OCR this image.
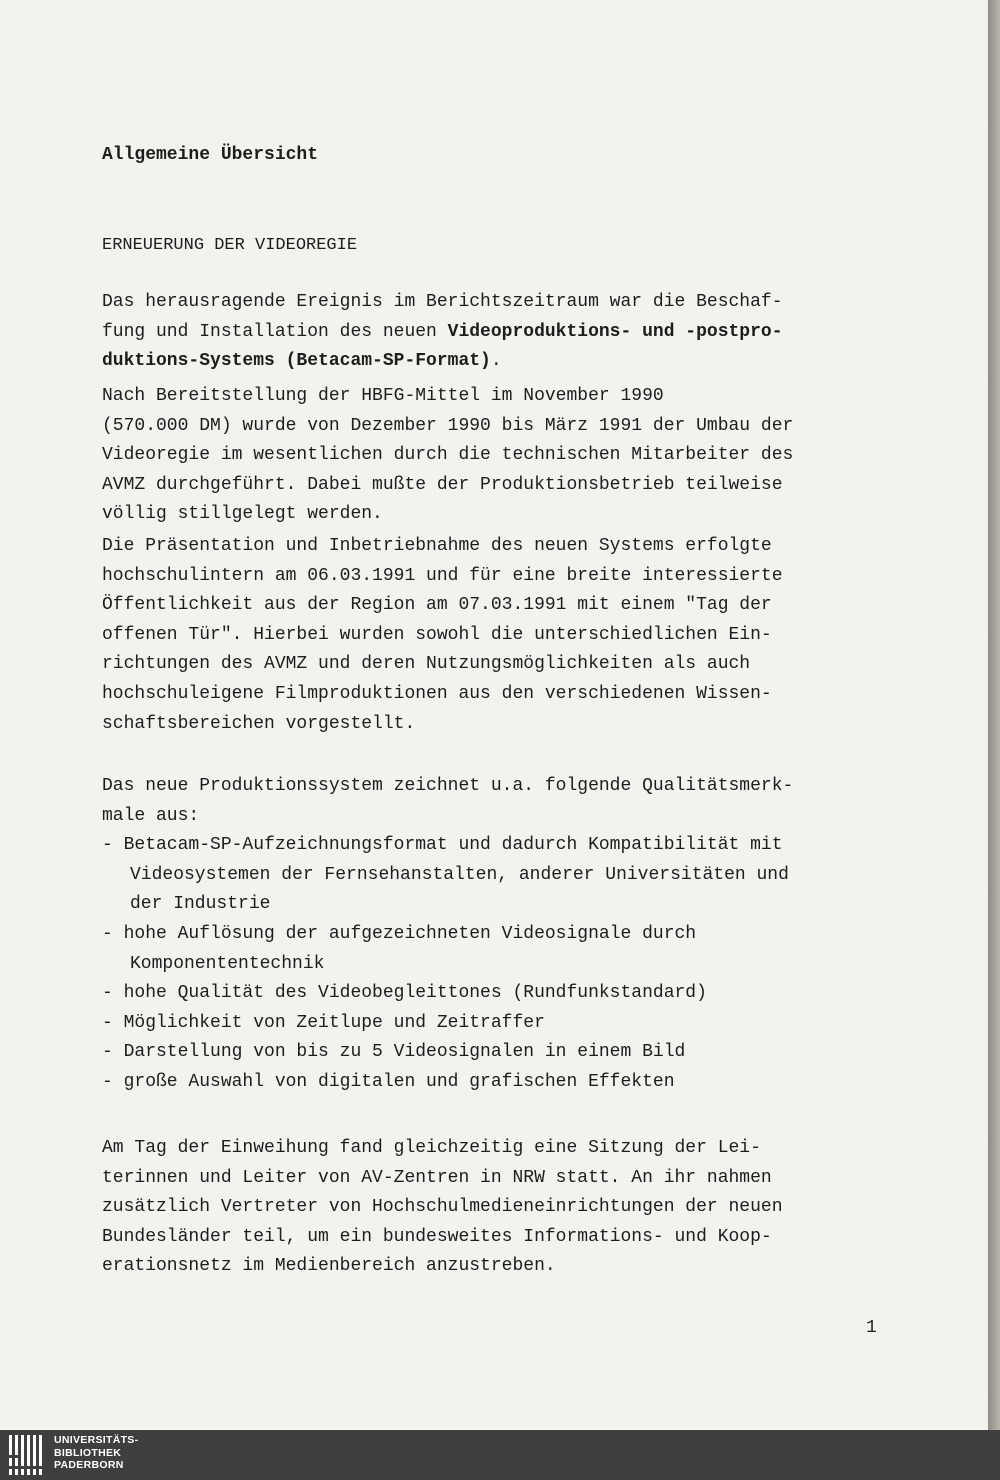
Allgemeine Übersicht
ERNEUERUNG DER VIDEOREGIE
Das herausragende Ereignis im Berichtszeitraum war die Beschaf-
fung und Installation des neuen Videoproduktions- und -postpro-
duktions-Systems (Betacam-SP-Format).
Nach Bereitstellung der HBFG-Mittel im November 1990
(570.000 DM) wurde von Dezember 1990 bis März 1991 der Umbau der
Videoregie im wesentlichen durch die technischen Mitarbeiter des
AVMZ durchgeführt. Dabei mußte der Produktionsbetrieb teilweise
völlig stillgelegt werden.
Die Präsentation und Inbetriebnahme des neuen Systems erfolgte
hochschulintern am 06.03.1991 und für eine breite interessierte
Öffentlichkeit aus der Region am 07.03.1991 mit einem "Tag der
offenen Tür". Hierbei wurden sowohl die unterschiedlichen Ein-
richtungen des AVMZ und deren Nutzungsmöglichkeiten als auch
hochschuleigene Filmproduktionen aus den verschiedenen Wissen-
schaftsbereichen vorgestellt.
Das neue Produktionssystem zeichnet u.a. folgende Qualitätsmerk-
male aus:
- Betacam-SP-Aufzeichnungsformat und dadurch Kompatibilität mit
Videosystemen der Fernsehanstalten, anderer Universitäten und
der Industrie
- hohe Auflösung der aufgezeichneten Videosignale durch
Komponententechnik
- hohe Qualität des Videobegleittones (Rundfunkstandard)
- Möglichkeit von Zeitlupe und Zeitraffer
- Darstellung von bis zu 5 Videosignalen in einem Bild
- große Auswahl von digitalen und grafischen Effekten
Am Tag der Einweihung fand gleichzeitig eine Sitzung der Lei-
terinnen und Leiter von AV-Zentren in NRW statt. An ihr nahmen
zusätzlich Vertreter von Hochschulmedieneinrichtungen der neuen
Bundesländer teil, um ein bundesweites Informations- und Koop-
erationsnetz im Medienbereich anzustreben.
1
UNIVERSITÄTS-
BIBLIOTHEK
PADERBORN
